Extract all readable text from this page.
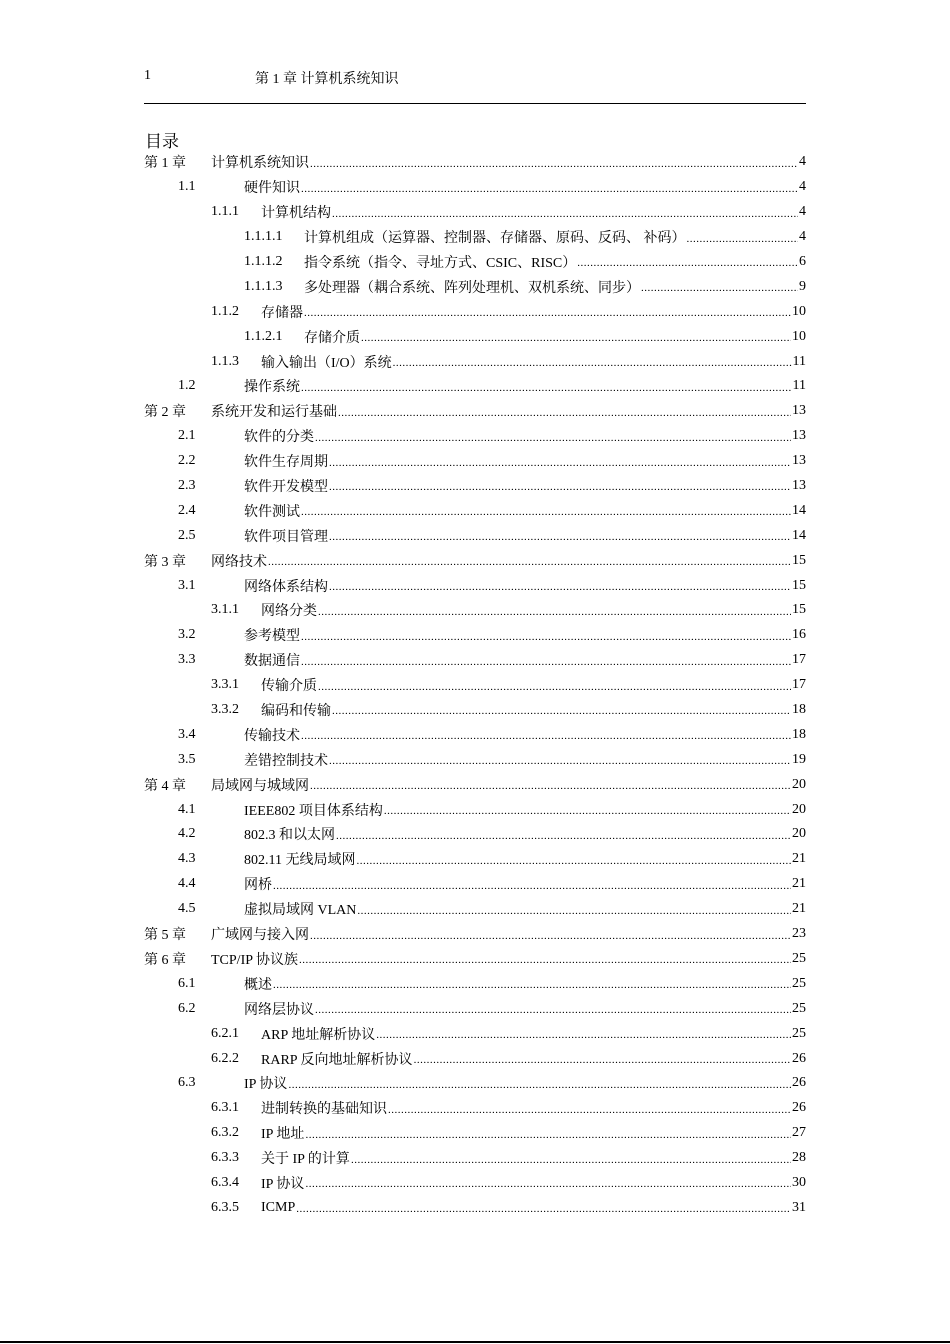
1	第 1 章 计算机系统知识
目录
第 1 章	计算机系统知识 .....	4
1.1	硬件知识 .....	4
1.1.1	计算机结构 .....	4
1.1.1.1	计算机组成（运算器、控制器、存储器、原码、反码、 补码） .....	4
1.1.1.2	指令系统（指令、寻址方式、CSIC、RISC） .....	6
1.1.1.3	多处理器（耦合系统、阵列处理机、双机系统、同步） .....	9
1.1.2	存储器 .....	10
1.1.2.1	存储介质 .....	10
1.1.3	输入输出（I/O）系统 .....	11
1.2	操作系统 .....	11
第 2 章	系统开发和运行基础 .....	13
2.1	软件的分类 .....	13
2.2	软件生存周期 .....	13
2.3	软件开发模型 .....	13
2.4	软件测试 .....	14
2.5	软件项目管理 .....	14
第 3 章	网络技术 .....	15
3.1	网络体系结构 .....	15
3.1.1	网络分类 .....	15
3.2	参考模型 .....	16
3.3	数据通信 .....	17
3.3.1	传输介质 .....	17
3.3.2	编码和传输 .....	18
3.4	传输技术 .....	18
3.5	差错控制技术 .....	19
第 4 章	局域网与城域网 .....	20
4.1	IEEE802 项目体系结构 .....	20
4.2	802.3 和以太网 .....	20
4.3	802.11 无线局域网 .....	21
4.4	网桥 .....	21
4.5	虚拟局域网 VLAN .....	21
第 5 章	广域网与接入网 .....	23
第 6 章	TCP/IP 协议族 .....	25
6.1	概述 .....	25
6.2	网络层协议 .....	25
6.2.1	ARP 地址解析协议 .....	25
6.2.2	RARP 反向地址解析协议 .....	26
6.3	IP 协议 .....	26
6.3.1	进制转换的基础知识 .....	26
6.3.2	IP 地址 .....	27
6.3.3	关于 IP 的计算 .....	28
6.3.4	IP 协议 .....	30
6.3.5	ICMP .....	31
